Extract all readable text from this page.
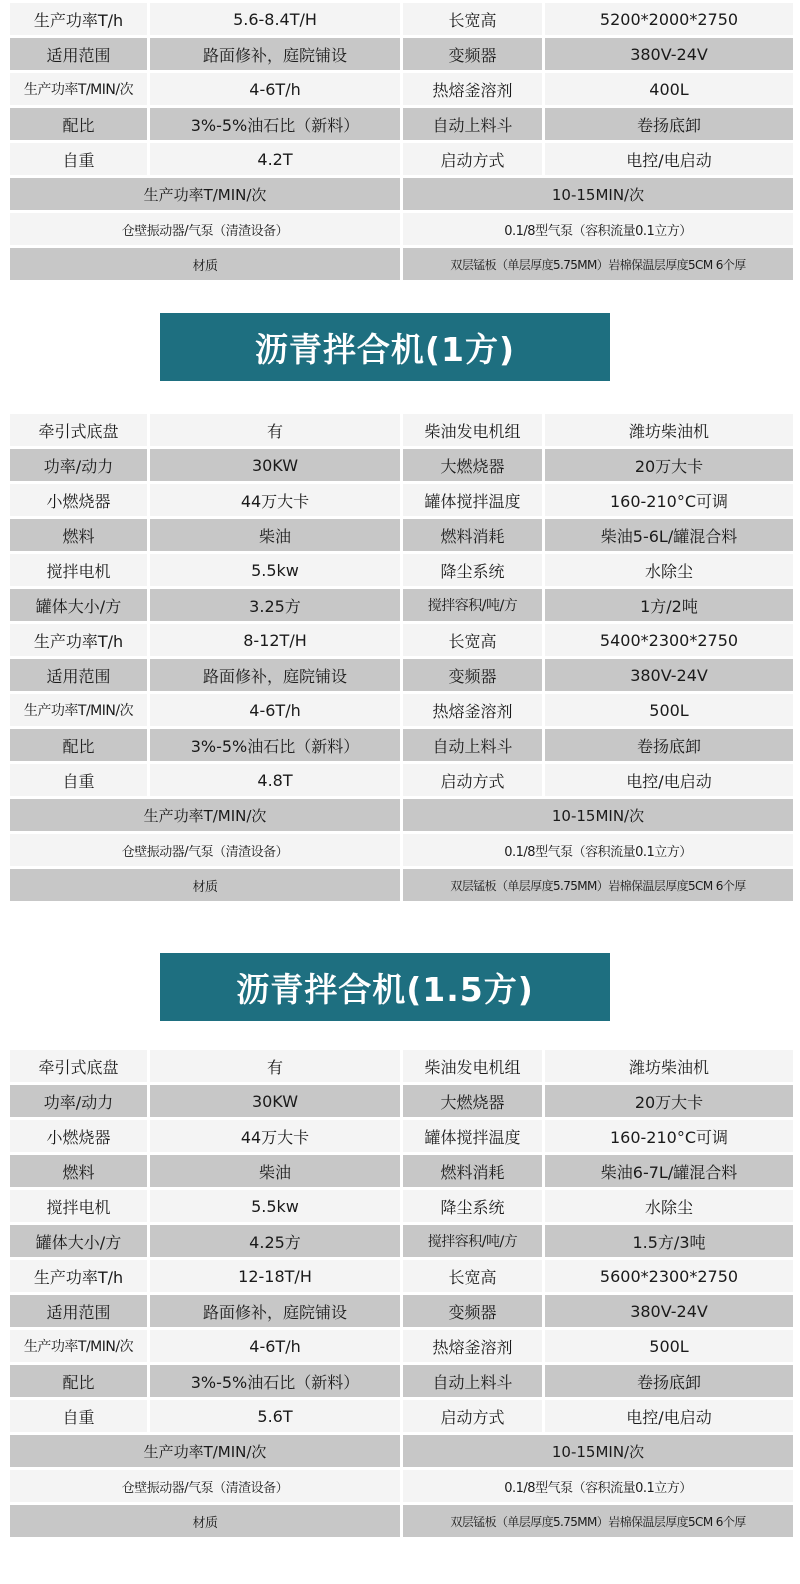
生产功率T/h	5.6-8.4T/H	长宽高	5200*2000*2750
适用范围	路面修补，庭院铺设	变频器	380V-24V
生产功率T/MIN/次	4-6T/h	热熔釜溶剂	400L
配比	3%-5%油石比（新料）	自动上料斗	卷扬底卸
自重	4.2T	启动方式	电控/电启动
生产功率T/MIN/次		10-15MIN/次	
仓壁振动器/气泵（清渣设备）		0.1/8型气泵（容积流量0.1立方）	
材质		双层锰板（单层厚度5.75MM）岩棉保温层厚度5CM 6个厚	
沥青拌合机(1方)
牵引式底盘	有	柴油发电机组	潍坊柴油机
功率/动力	30KW	大燃烧器	20万大卡
小燃烧器	44万大卡	罐体搅拌温度	160-210°C可调
燃料	柴油	燃料消耗	柴油5-6L/罐混合料
搅拌电机	5.5kw	降尘系统	水除尘
罐体大小/方	3.25方	搅拌容积/吨/方	1方/2吨
生产功率T/h	8-12T/H	长宽高	5400*2300*2750
适用范围	路面修补，庭院铺设	变频器	380V-24V
生产功率T/MIN/次	4-6T/h	热熔釜溶剂	500L
配比	3%-5%油石比（新料）	自动上料斗	卷扬底卸
自重	4.8T	启动方式	电控/电启动
生产功率T/MIN/次		10-15MIN/次	
仓壁振动器/气泵（清渣设备）		0.1/8型气泵（容积流量0.1立方）	
材质		双层锰板（单层厚度5.75MM）岩棉保温层厚度5CM 6个厚	
沥青拌合机(1.5方)
牵引式底盘	有	柴油发电机组	潍坊柴油机
功率/动力	30KW	大燃烧器	20万大卡
小燃烧器	44万大卡	罐体搅拌温度	160-210°C可调
燃料	柴油	燃料消耗	柴油6-7L/罐混合料
搅拌电机	5.5kw	降尘系统	水除尘
罐体大小/方	4.25方	搅拌容积/吨/方	1.5方/3吨
生产功率T/h	12-18T/H	长宽高	5600*2300*2750
适用范围	路面修补，庭院铺设	变频器	380V-24V
生产功率T/MIN/次	4-6T/h	热熔釜溶剂	500L
配比	3%-5%油石比（新料）	自动上料斗	卷扬底卸
自重	5.6T	启动方式	电控/电启动
生产功率T/MIN/次		10-15MIN/次	
仓壁振动器/气泵（清渣设备）		0.1/8型气泵（容积流量0.1立方）	
材质		双层锰板（单层厚度5.75MM）岩棉保温层厚度5CM 6个厚	
